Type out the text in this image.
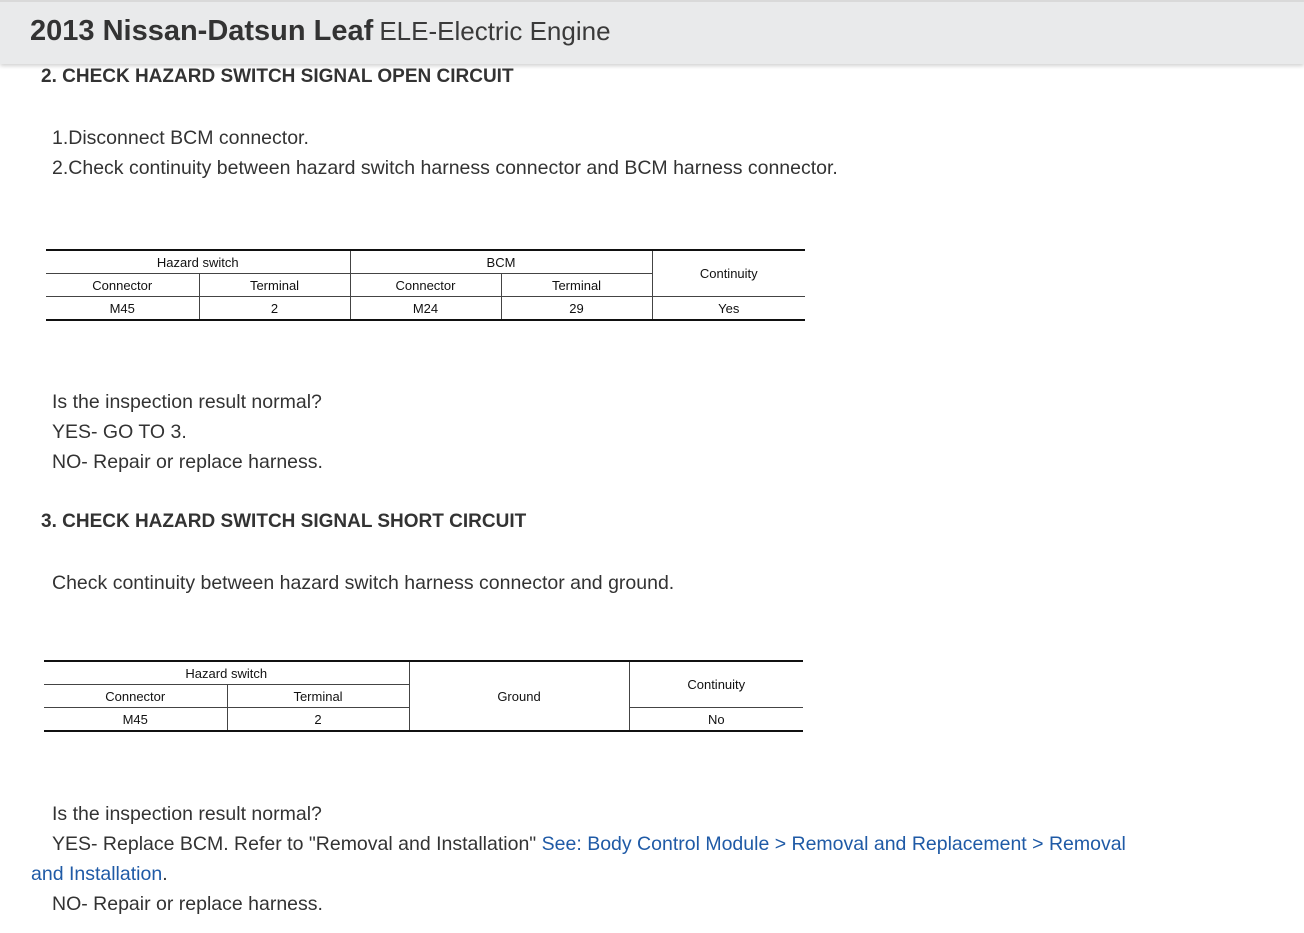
2013 Nissan-Datsun Leaf ELE-Electric Engine
2. CHECK HAZARD SWITCH SIGNAL OPEN CIRCUIT
1.Disconnect BCM connector.
2.Check continuity between hazard switch harness connector and BCM harness connector.
Hazard switch		BCM		Continuity
Connector	Terminal	Connector	Terminal	
M45	2	M24	29	Yes
Is the inspection result normal?
YES- GO TO 3.
NO- Repair or replace harness.
3. CHECK HAZARD SWITCH SIGNAL SHORT CIRCUIT
Check continuity between hazard switch harness connector and ground.
Hazard switch		Ground	Continuity
Connector	Terminal		
M45	2		No
Is the inspection result normal?
YES- Replace BCM. Refer to "Removal and Installation" See: Body Control Module > Removal and Replacement > Removal
and Installation.
NO- Repair or replace harness.
